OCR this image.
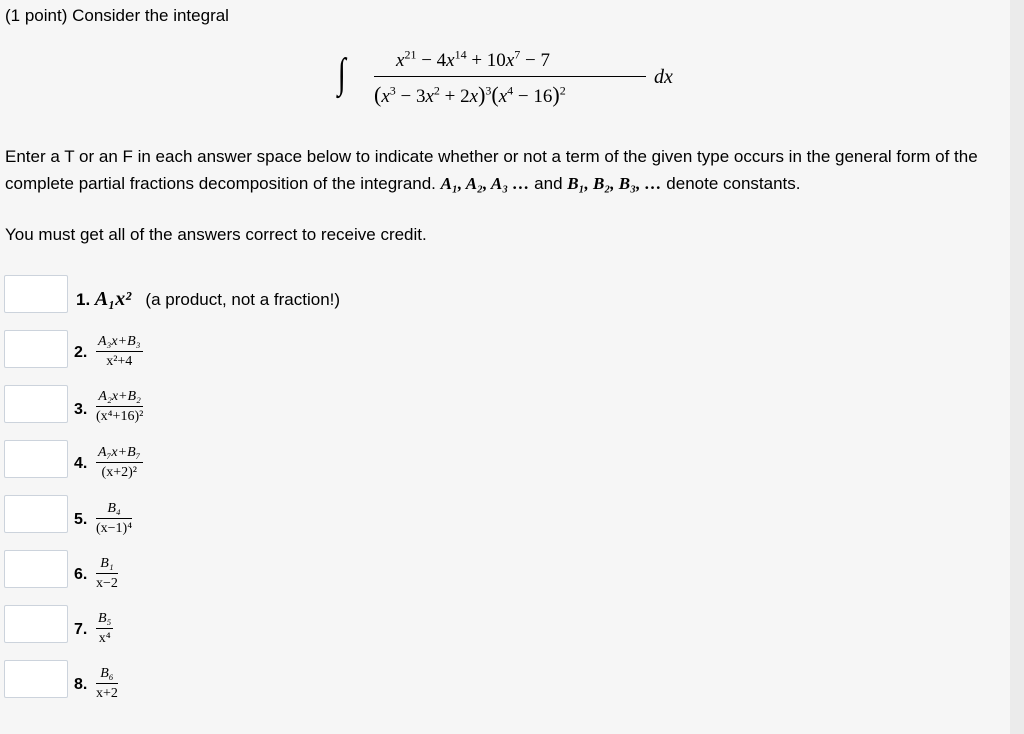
(1 point) Consider the integral
∫	$x^{21} - 4x^{14} + 10x^7 - 7$
$(x^3 - 3x^2 + 2x)^3(x^4 - 16)^2$
dx
Enter a T or an F in each answer space below to indicate whether or not a term of the given type occurs in the general form of the complete partial fractions decomposition of the integrand. A₁, A₂, A₃ … and B₁, B₂, B₃, … denote constants.
You must get all of the answers correct to receive credit.
1. A₁x² (a product, not a fraction!)
2. $\frac{\text{A₃x+B₃}}{\text{x²+4}}$
3. $\frac{\text{A₂x+B₂}}{\text{(x⁴+16)²}}$
4. $\frac{\text{A₇x+B₇}}{\text{(x+2)²}}$
5. $\frac{\text{B₄}}{\text{(x−1)⁴}}$
6. $\frac{\text{B₁}}{x-2}$
7. $\frac{\text{B₅}}{\text{x⁴}}$
8. $\frac{\text{B₆}}{x+2}$
